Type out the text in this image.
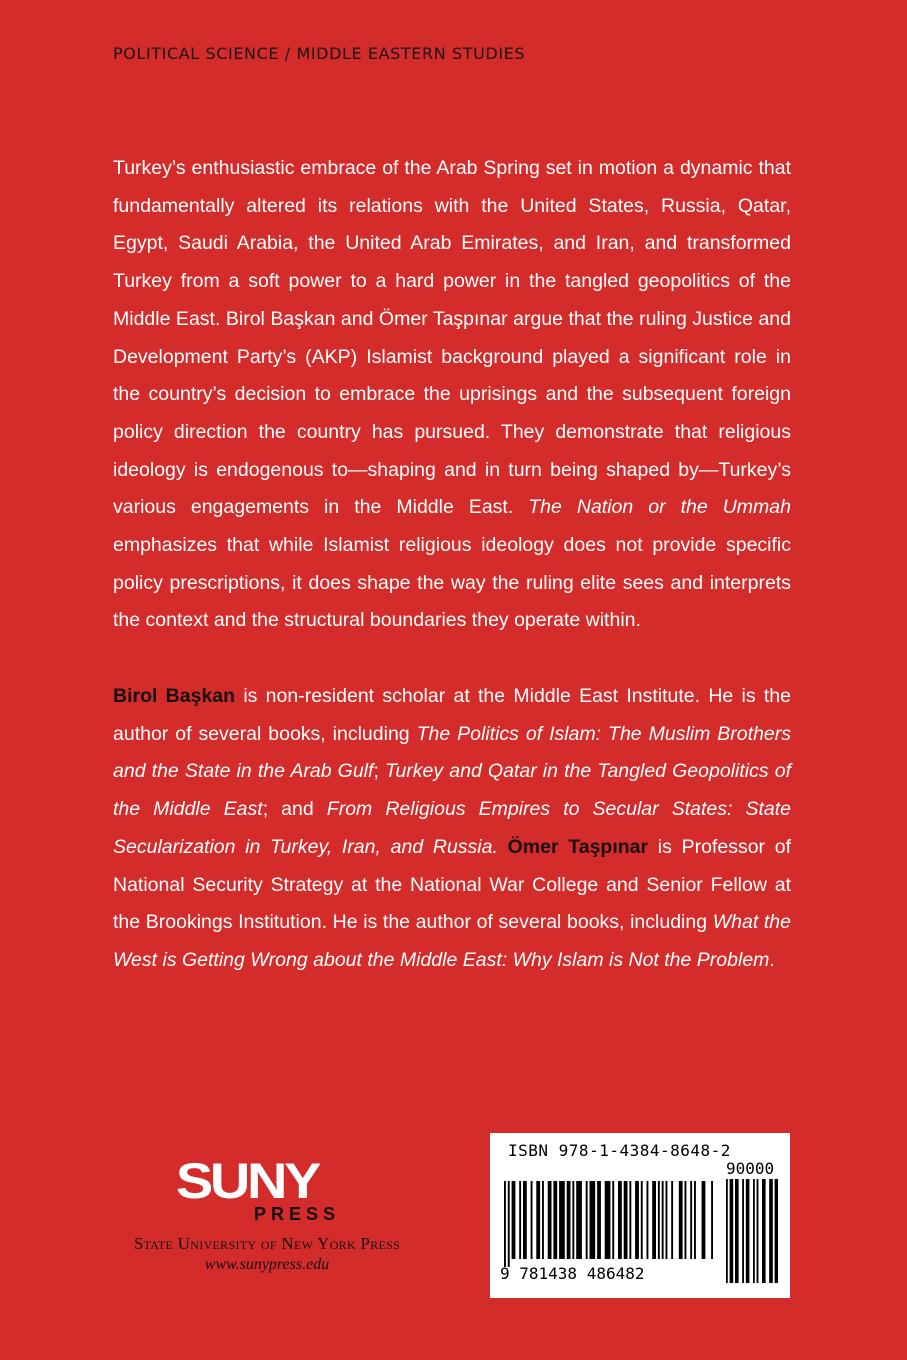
POLITICAL SCIENCE / MIDDLE EASTERN STUDIES

Turkey’s enthusiastic embrace of the Arab Spring set in motion a dynamic that fundamentally altered its relations with the United States, Russia, Qatar, Egypt, Saudi Arabia, the United Arab Emirates, and Iran, and transformed Turkey from a soft power to a hard power in the tangled geopolitics of the Middle East. Birol Başkan and Ömer Taşpınar argue that the ruling Justice and Development Party’s (AKP) Islamist background played a significant role in the country’s decision to embrace the uprisings and the subsequent foreign policy direction the country has pursued. They demonstrate that religious ideology is endogenous to—shaping and in turn being shaped by—Turkey’s various engagements in the Middle East. The Nation or the Ummah emphasizes that while Islamist religious ideology does not provide specific policy prescriptions, it does shape the way the ruling elite sees and interprets the context and the structural boundaries they operate within.

Birol Başkan is non-resident scholar at the Middle East Institute. He is the author of several books, including The Politics of Islam: The Muslim Brothers and the State in the Arab Gulf; Turkey and Qatar in the Tangled Geopolitics of the Middle East; and From Religious Empires to Secular States: State Secularization in Turkey, Iran, and Russia. Ömer Taşpınar is Professor of National Security Strategy at the National War College and Senior Fellow at the Brookings Institution. He is the author of several books, including What the West is Getting Wrong about the Middle East: Why Islam is Not the Problem.

SUNY
PRESS
State University of New York Press
www.sunypress.edu
ISBN 978-1-4384-8648-2
90000
9 781438 486482
